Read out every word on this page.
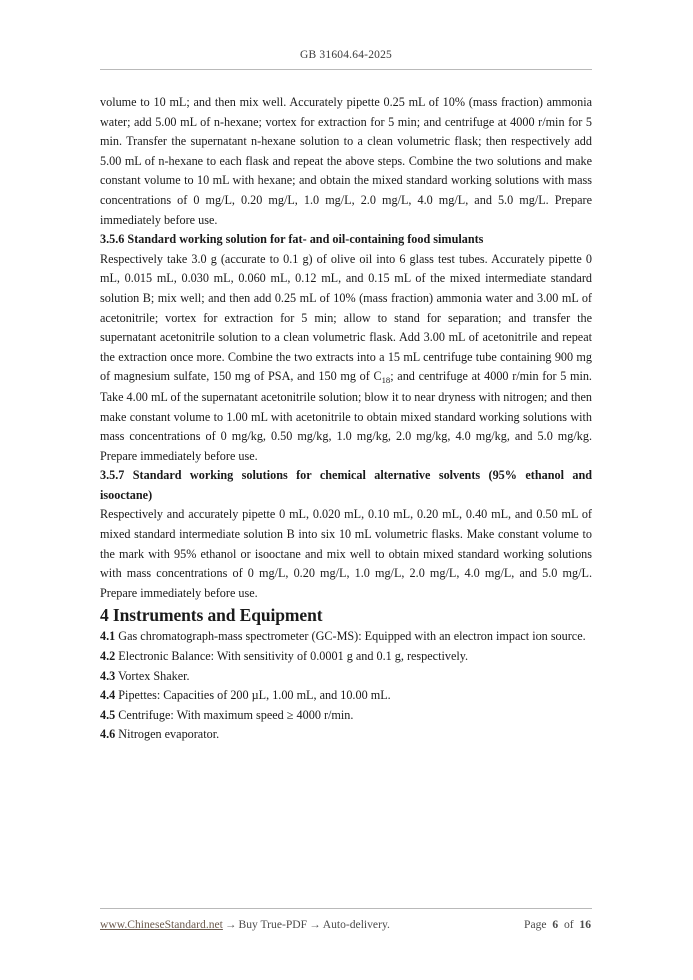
GB 31604.64-2025

volume to 10 mL; and then mix well. Accurately pipette 0.25 mL of 10% (mass fraction) ammonia water; add 5.00 mL of n-hexane; vortex for extraction for 5 min; and centrifuge at 4000 r/min for 5 min. Transfer the supernatant n-hexane solution to a clean volumetric flask; then respectively add 5.00 mL of n-hexane to each flask and repeat the above steps. Combine the two solutions and make constant volume to 10 mL with hexane; and obtain the mixed standard working solutions with mass concentrations of 0 mg/L, 0.20 mg/L, 1.0 mg/L, 2.0 mg/L, 4.0 mg/L, and 5.0 mg/L. Prepare immediately before use.

3.5.6 Standard working solution for fat- and oil-containing food simulants

Respectively take 3.0 g (accurate to 0.1 g) of olive oil into 6 glass test tubes. Accurately pipette 0 mL, 0.015 mL, 0.030 mL, 0.060 mL, 0.12 mL, and 0.15 mL of the mixed intermediate standard solution B; mix well; and then add 0.25 mL of 10% (mass fraction) ammonia water and 3.00 mL of acetonitrile; vortex for extraction for 5 min; allow to stand for separation; and transfer the supernatant acetonitrile solution to a clean volumetric flask. Add 3.00 mL of acetonitrile and repeat the extraction once more. Combine the two extracts into a 15 mL centrifuge tube containing 900 mg of magnesium sulfate, 150 mg of PSA, and 150 mg of $C_{18}$; and centrifuge at 4000 r/min for 5 min. Take 4.00 mL of the supernatant acetonitrile solution; blow it to near dryness with nitrogen; and then make constant volume to 1.00 mL with acetonitrile to obtain mixed standard working solutions with mass concentrations of 0 mg/kg, 0.50 mg/kg, 1.0 mg/kg, 2.0 mg/kg, 4.0 mg/kg, and 5.0 mg/kg. Prepare immediately before use.

3.5.7 Standard working solutions for chemical alternative solvents (95% ethanol and isooctane)

Respectively and accurately pipette 0 mL, 0.020 mL, 0.10 mL, 0.20 mL, 0.40 mL, and 0.50 mL of mixed standard intermediate solution B into six 10 mL volumetric flasks. Make constant volume to the mark with 95% ethanol or isooctane and mix well to obtain mixed standard working solutions with mass concentrations of 0 mg/L, 0.20 mg/L, 1.0 mg/L, 2.0 mg/L, 4.0 mg/L, and 5.0 mg/L. Prepare immediately before use.

4 Instruments and Equipment

4.1 Gas chromatograph-mass spectrometer (GC-MS): Equipped with an electron impact ion source.

4.2 Electronic Balance: With sensitivity of 0.0001 g and 0.1 g, respectively.

4.3 Vortex Shaker.

4.4 Pipettes: Capacities of 200 µL, 1.00 mL, and 10.00 mL.

4.5 Centrifuge: With maximum speed ≥ 4000 r/min.

4.6 Nitrogen evaporator.

www.ChineseStandard.net → Buy True-PDF → Auto-delivery.	Page 6 of 16
